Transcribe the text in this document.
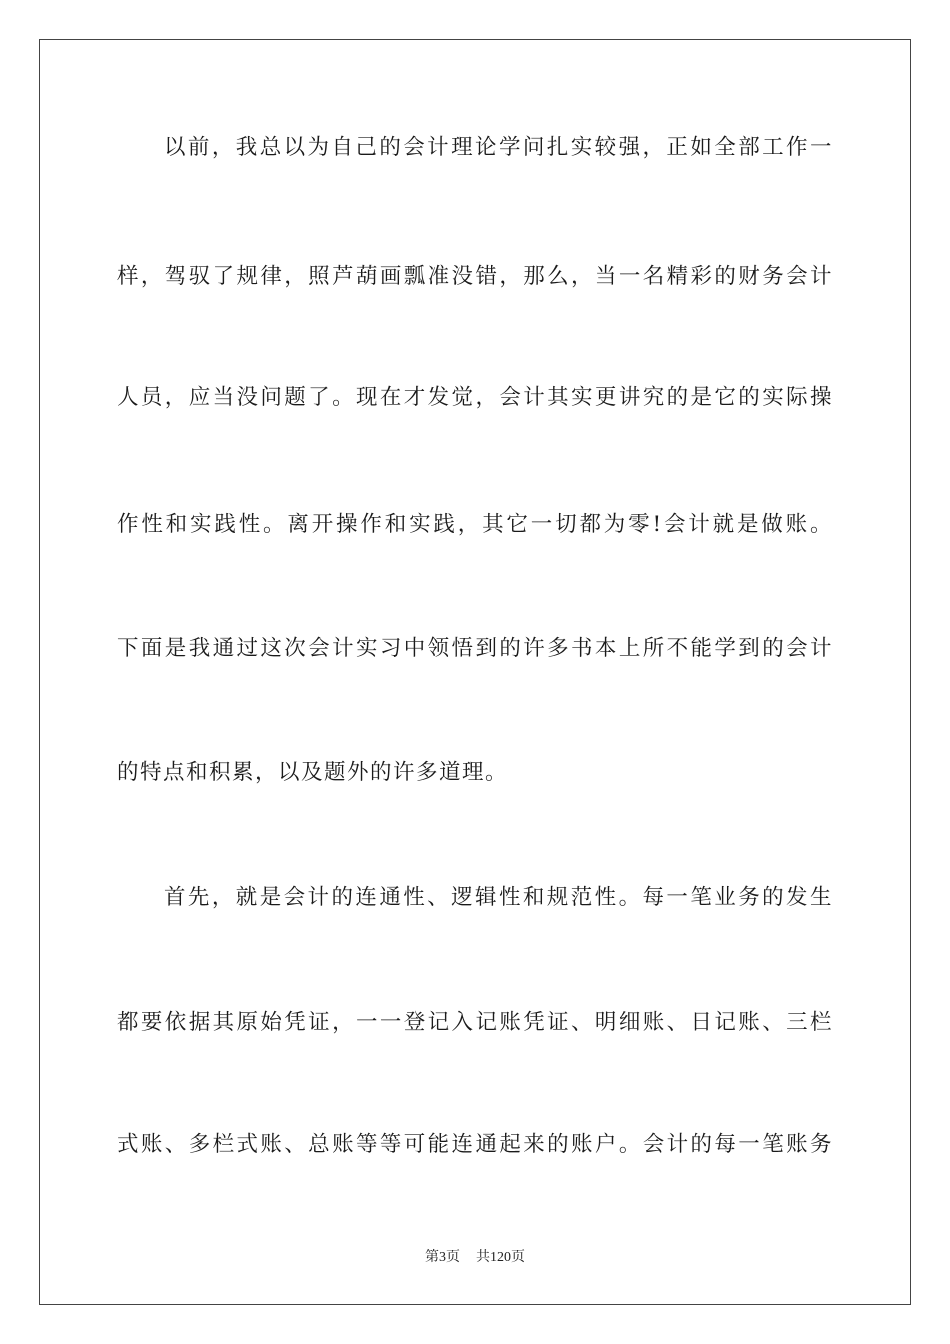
以前，我总以为自己的会计理论学问扎实较强，正如全部工作一
样，驾驭了规律，照芦葫画瓢准没错，那么，当一名精彩的财务会计
人员，应当没问题了。现在才发觉，会计其实更讲究的是它的实际操
作性和实践性。离开操作和实践，其它一切都为零!会计就是做账。
下面是我通过这次会计实习中领悟到的许多书本上所不能学到的会计
的特点和积累，以及题外的许多道理。
首先，就是会计的连通性、逻辑性和规范性。每一笔业务的发生
都要依据其原始凭证，一一登记入记账凭证、明细账、日记账、三栏
式账、多栏式账、总账等等可能连通起来的账户。会计的每一笔账务
第3页 共120页
